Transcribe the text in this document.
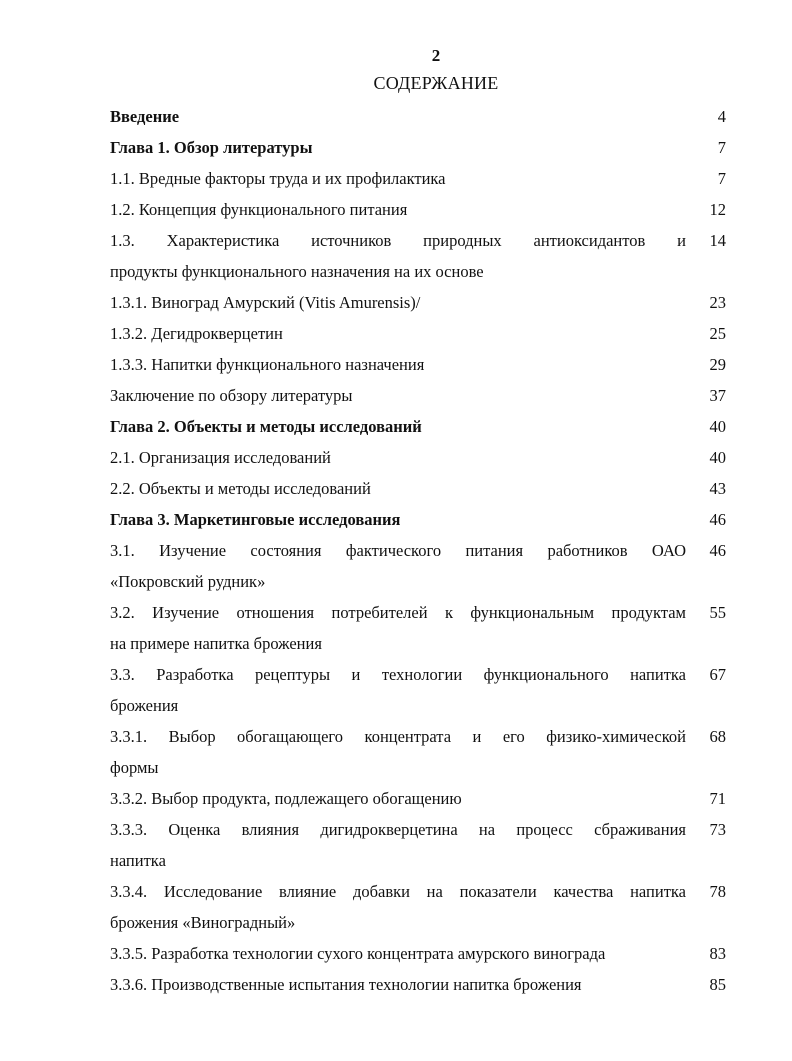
2
СОДЕРЖАНИЕ
Введение	4
Глава 1. Обзор литературы	7
1.1. Вредные факторы труда и их профилактика	7
1.2. Концепция функционального питания	12
1.3. Характеристика источников природных антиоксидантов и	14
продукты функционального назначения на их основе
1.3.1. Виноград Амурский (Vitis Amurensis)/	23
1.3.2. Дегидрокверцетин	25
1.3.3. Напитки функционального назначения	29
Заключение по обзору литературы	37
Глава 2. Объекты и методы исследований	40
2.1. Организация исследований	40
2.2. Объекты и методы исследований	43
Глава 3. Маркетинговые исследования	46
3.1. Изучение состояния фактического питания работников ОАО	46
«Покровский рудник»
3.2. Изучение отношения потребителей к функциональным продуктам	55
на примере напитка брожения
3.3. Разработка рецептуры и технологии функционального напитка	67
брожения
3.3.1. Выбор обогащающего концентрата и его физико-химической	68
формы
3.3.2. Выбор продукта, подлежащего обогащению	71
3.3.3. Оценка влияния дигидрокверцетина на процесс сбраживания	73
напитка
3.3.4. Исследование влияние добавки на показатели качества напитка	78
брожения «Виноградный»
3.3.5. Разработка технологии сухого концентрата амурского винограда	83
3.3.6. Производственные испытания технологии напитка брожения	85
